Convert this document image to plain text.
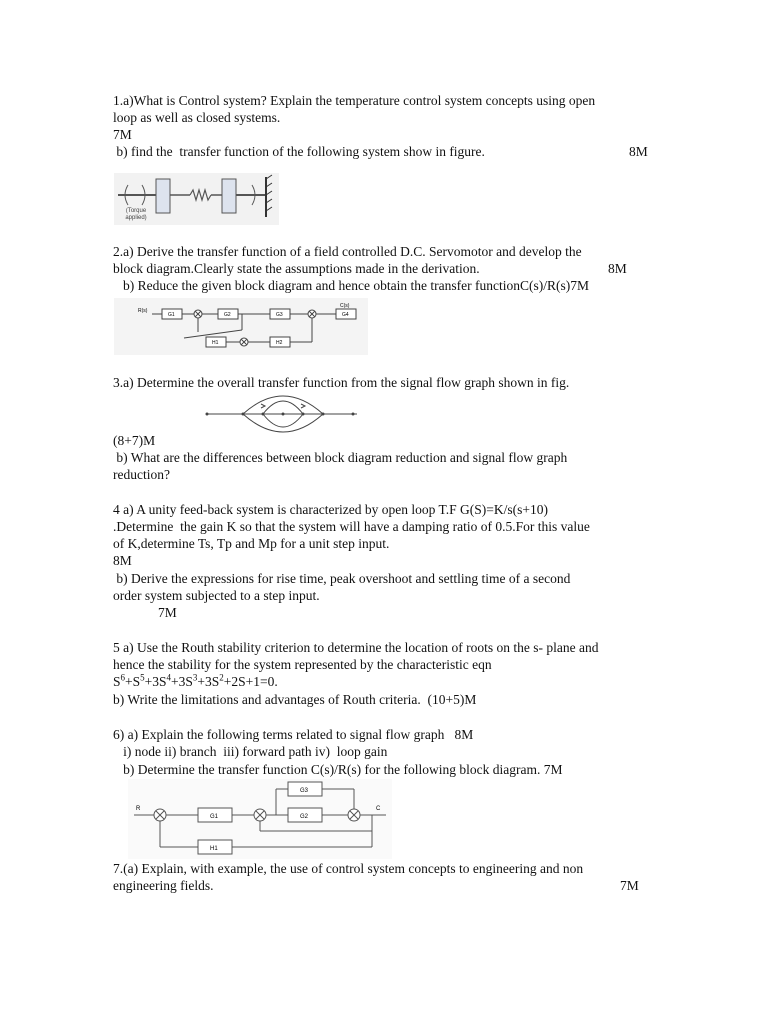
1.a)What is Control system? Explain the temperature control system concepts using open
loop as well as closed systems.
7M
b) find the  transfer function of the following system show in figure.	8M
(Torque applied)
2.a) Derive the transfer function of a field controlled D.C. Servomotor and develop the
block diagram.Clearly state the assumptions made in the derivation.	8M
b) Reduce the given block diagram and hence obtain the transfer functionC(s)/R(s)7M
R(s)
G1	G2	G3	G4
C(s)
H1	H2
3.a) Determine the overall transfer function from the signal flow graph shown in fig.
(8+7)M
b) What are the differences between block diagram reduction and signal flow graph
reduction?
4 a) A unity feed-back system is characterized by open loop T.F G(S)=K/s(s+10)
.Determine  the gain K so that the system will have a damping ratio of 0.5.For this value
of K,determine Ts, Tp and Mp for a unit step input.
8M
b) Derive the expressions for rise time, peak overshoot and settling time of a second
order system subjected to a step input.
7M
5 a) Use the Routh stability criterion to determine the location of roots on the s- plane and
hence the stability for the system represented by the characteristic eqn
$S^6+S^5+3S^4+3S^3+3S^2+2S+1=0$.
b) Write the limitations and advantages of Routh criteria.  (10+5)M
6) a) Explain the following terms related to signal flow graph   8M
i) node ii) branch  iii) forward path iv)  loop gain
b) Determine the transfer function C(s)/R(s) for the following block diagram. 7M
R
G1	G2
G3
C
H1
7.(a) Explain, with example, the use of control system concepts to engineering and non
engineering fields.	7M
